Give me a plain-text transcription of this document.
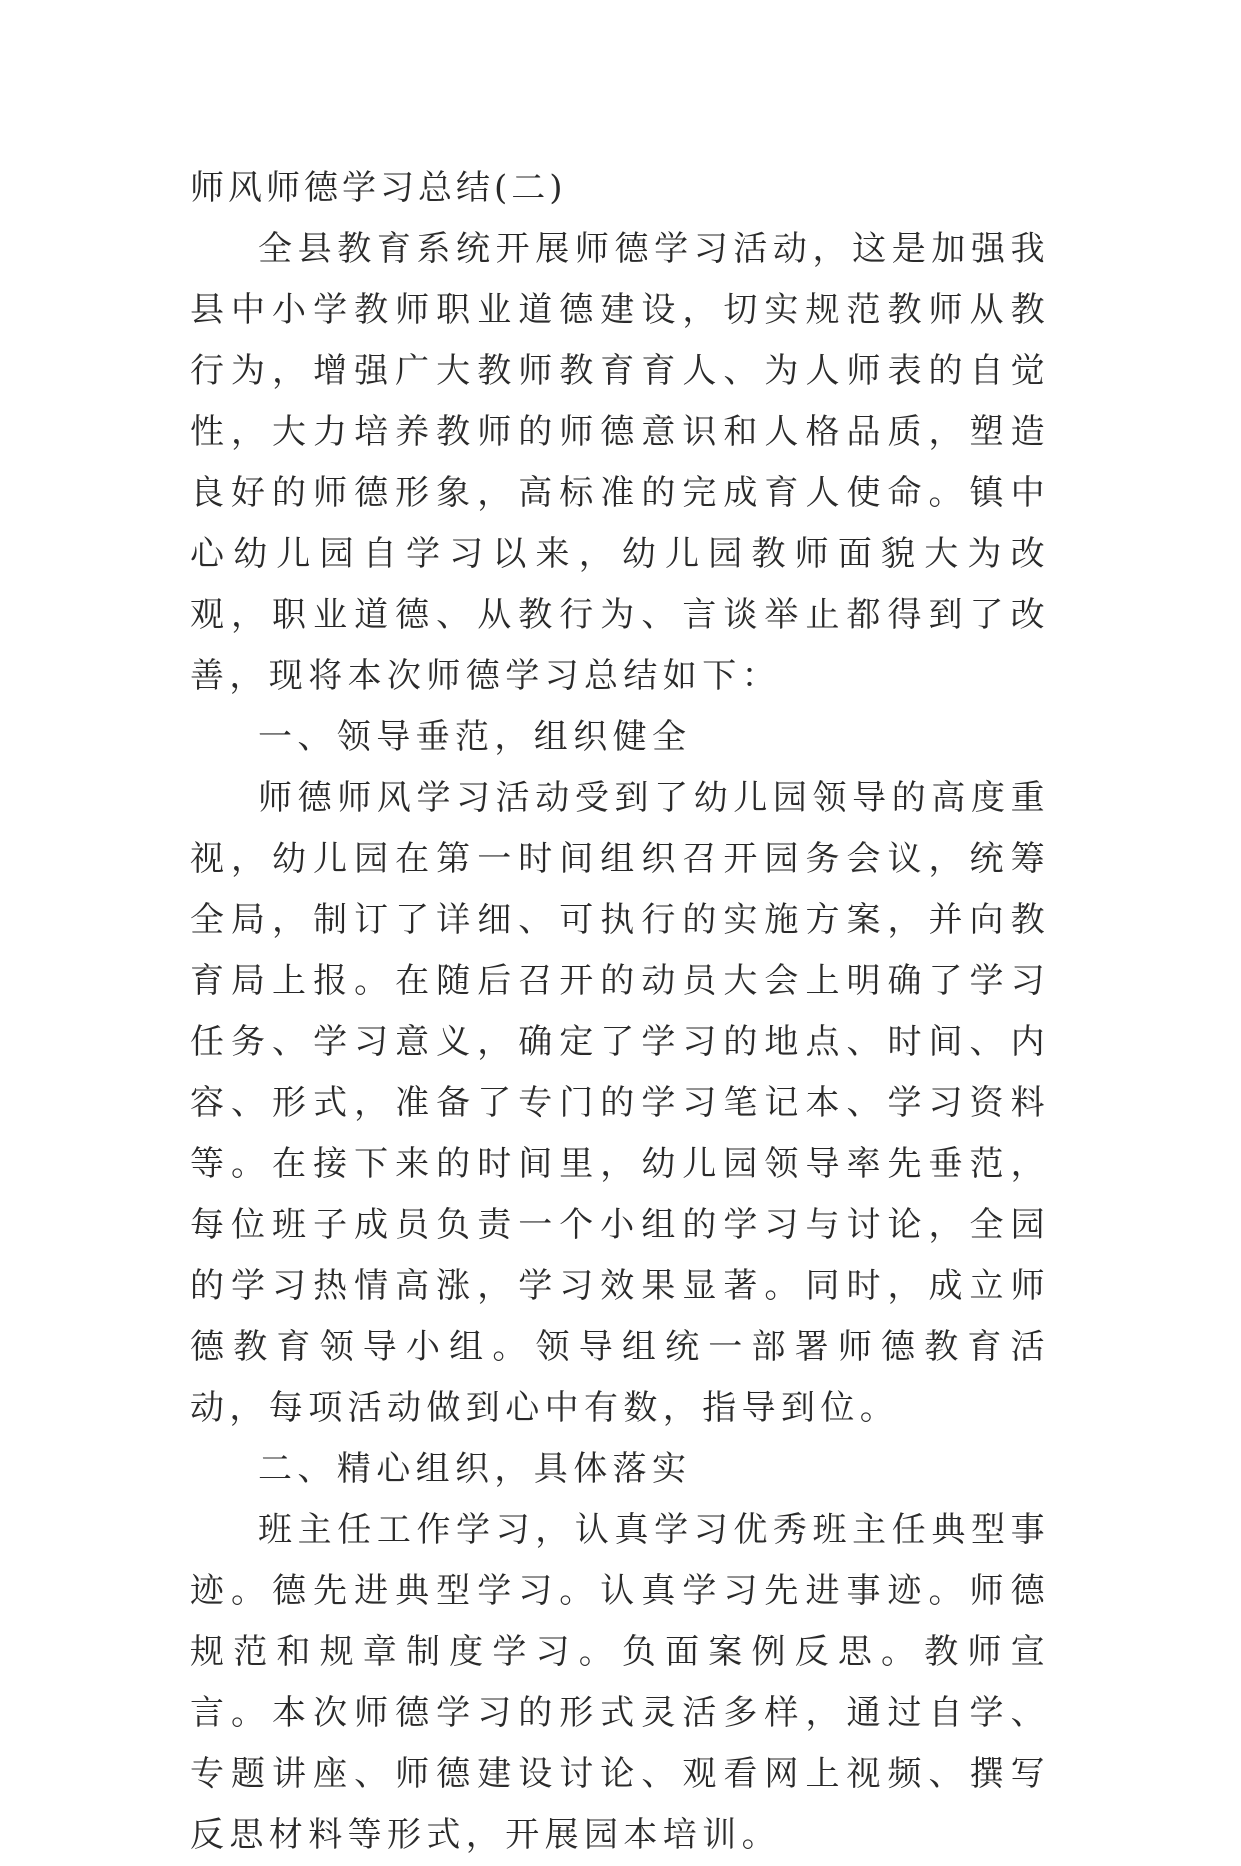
师风师德学习总结(二)

全县教育系统开展师德学习活动，这是加强我县中小学教师职业道德建设，切实规范教师从教行为，增强广大教师教育育人、为人师表的自觉性，大力培养教师的师德意识和人格品质，塑造良好的师德形象，高标准的完成育人使命。镇中心幼儿园自学习以来，幼儿园教师面貌大为改观，职业道德、从教行为、言谈举止都得到了改善，现将本次师德学习总结如下：

一、领导垂范，组织健全

师德师风学习活动受到了幼儿园领导的高度重视，幼儿园在第一时间组织召开园务会议，统筹全局，制订了详细、可执行的实施方案，并向教育局上报。在随后召开的动员大会上明确了学习任务、学习意义，确定了学习的地点、时间、内容、形式，准备了专门的学习笔记本、学习资料等。在接下来的时间里，幼儿园领导率先垂范，每位班子成员负责一个小组的学习与讨论，全园的学习热情高涨，学习效果显著。同时，成立师德教育领导小组。领导组统一部署师德教育活动，每项活动做到心中有数，指导到位。

二、精心组织，具体落实

班主任工作学习，认真学习优秀班主任典型事迹。德先进典型学习。认真学习先进事迹。师德规范和规章制度学习。负面案例反思。教师宣言。本次师德学习的形式灵活多样，通过自学、专题讲座、师德建设讨论、观看网上视频、撰写反思材料等形式，开展园本培训。
